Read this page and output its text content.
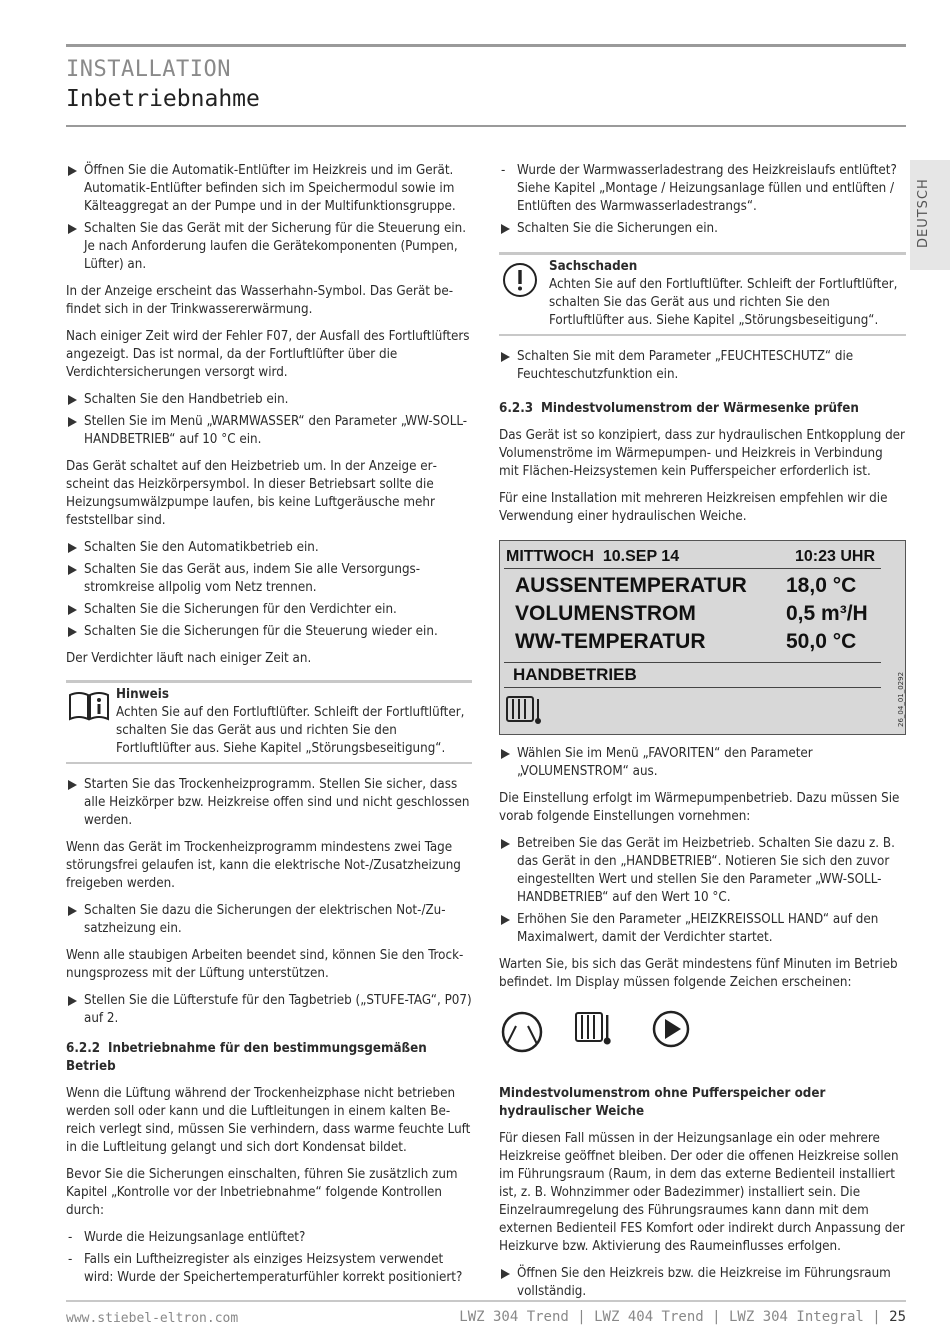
INSTALLATION
Inbetriebnahme
DEUTSCH
Öffnen Sie die Automatik-Entlüfter im Heizkreis und im Gerät. Automatik-Entlüfter befinden sich im Speichermodul sowie im Kälteaggregat an der Pumpe und in der Multifunktionsgruppe.
Schalten Sie das Gerät mit der Sicherung für die Steuerung ein. Je nach Anforderung laufen die Gerätekomponenten (Pumpen, Lüfter) an.

In der Anzeige erscheint das Wasserhahn-Symbol. Das Gerät befindet sich in der Trinkwassererwärmung.

Nach einiger Zeit wird der Fehler F07, der Ausfall des Fortluftlüfters angezeigt. Das ist normal, da der Fortluftlüfter über die Verdichtersicherungen versorgt wird.

Schalten Sie den Handbetrieb ein.
Stellen Sie im Menü „WARMWASSER“ den Parameter „WW-SOLL-HANDBETRIEB“ auf 10 °C ein.

Das Gerät schaltet auf den Heizbetrieb um. In der Anzeige erscheint das Heizkörpersymbol. In dieser Betriebsart sollte die Heizungsumwälzpumpe laufen, bis keine Luftgeräusche mehr feststellbar sind.

Schalten Sie den Automatikbetrieb ein.
Schalten Sie das Gerät aus, indem Sie alle Versorgungsstromkreise allpolig vom Netz trennen.
Schalten Sie die Sicherungen für den Verdichter ein.
Schalten Sie die Sicherungen für die Steuerung wieder ein.

Der Verdichter läuft nach einiger Zeit an.

Hinweis
Achten Sie auf den Fortluftlüfter. Schleift der Fortluftlüfter, schalten Sie das Gerät aus und richten Sie den Fortluftlüfter aus. Siehe Kapitel „Störungsbeseitigung“.
Starten Sie das Trockenheizprogramm. Stellen Sie sicher, dass alle Heizkörper bzw. Heizkreise offen sind und nicht geschlossen werden.

Wenn das Gerät im Trockenheizprogramm mindestens zwei Tage störungsfrei gelaufen ist, kann die elektrische Not-/Zusatzheizung freigeben werden.

Schalten Sie dazu die Sicherungen der elektrischen Not-/Zusatzheizung ein.

Wenn alle staubigen Arbeiten beendet sind, können Sie den Trocknungsprozess mit der Lüftung unterstützen.

Stellen Sie die Lüfterstufe für den Tagbetrieb („STUFE-TAG“, P07) auf 2.
6.2.2 Inbetriebnahme für den bestimmungsgemäßen Betrieb

Wenn die Lüftung während der Trockenheizphase nicht betrieben werden soll oder kann und die Luftleitungen in einem kalten Bereich verlegt sind, müssen Sie verhindern, dass warme feuchte Luft in die Luftleitung gelangt und sich dort Kondensat bildet.

Bevor Sie die Sicherungen einschalten, führen Sie zusätzlich zum Kapitel „Kontrolle vor der Inbetriebnahme“ folgende Kontrollen durch:

- Wurde die Heizungsanlage entlüftet?
- Falls ein Luftheizregister als einziges Heizsystem verwendet wird: Wurde der Speichertemperaturfühler korrekt positioniert?
- Wurde der Warmwasserladestrang des Heizkreislaufs entlüftet? Siehe Kapitel „Montage / Heizungsanlage füllen und entlüften / Entlüften des Warmwasserladestrangs“.
Schalten Sie die Sicherungen ein.
Sachschaden
Achten Sie auf den Fortluftlüfter. Schleift der Fortluftlüfter, schalten Sie das Gerät aus und richten Sie den Fortluftlüfter aus. Siehe Kapitel „Störungsbeseitigung“.
Schalten Sie mit dem Parameter „FEUCHTESCHUTZ“ die Feuchteschutzfunktion ein.
6.2.3 Mindestvolumenstrom der Wärmesenke prüfen

Das Gerät ist so konzipiert, dass zur hydraulischen Entkopplung der Volumenströme im Wärmepumpen- und Heizkreis in Verbindung mit Flächen-Heizsystemen kein Pufferspeicher erforderlich ist.

Für eine Installation mit mehreren Heizkreisen empfehlen wir die Verwendung einer hydraulischen Weiche.

MITTWOCH 10.SEP 14	10:23 UHR
AUSSENTEMPERATUR 18,0 °C
VOLUMENSTROM	0,5 m³/H
WW-TEMPERATUR	50,0 °C
HANDBETRIEB	26_04_01_0292
Wählen Sie im Menü „FAVORITEN“ den Parameter „VOLUMENSTROM“ aus.

Die Einstellung erfolgt im Wärmepumpenbetrieb. Dazu müssen Sie vorab folgende Einstellungen vornehmen:

Betreiben Sie das Gerät im Heizbetrieb. Schalten Sie dazu z. B. das Gerät in den „HANDBETRIEB“. Notieren Sie sich den zuvor eingestellten Wert und stellen Sie den Parameter „WW-SOLL-HANDBETRIEB“ auf den Wert 10 °C.
Erhöhen Sie den Parameter „HEIZKREISSOLL HAND“ auf den Maximalwert, damit der Verdichter startet.

Warten Sie, bis sich das Gerät mindestens fünf Minuten im Betrieb befindet. Im Display müssen folgende Zeichen erscheinen:

Mindestvolumenstrom ohne Pufferspeicher oder hydraulischer Weiche

Für diesen Fall müssen in der Heizungsanlage ein oder mehrere Heizkreise geöffnet bleiben. Der oder die offenen Heizkreise sollen im Führungsraum (Raum, in dem das externe Bedienteil installiert ist, z. B. Wohnzimmer oder Badezimmer) installiert sein. Die Einzelraumregelung des Führungsraumes kann dann mit dem externen Bedienteil FES Komfort oder indirekt durch Anpassung der Heizkurve bzw. Aktivierung des Raumeinflusses erfolgen.

Öffnen Sie den Heizkreis bzw. die Heizkreise im Führungsraum vollständig.
www.stiebel-eltron.com	LWZ 304 Trend | LWZ 404 Trend | LWZ 304 Integral | 25
